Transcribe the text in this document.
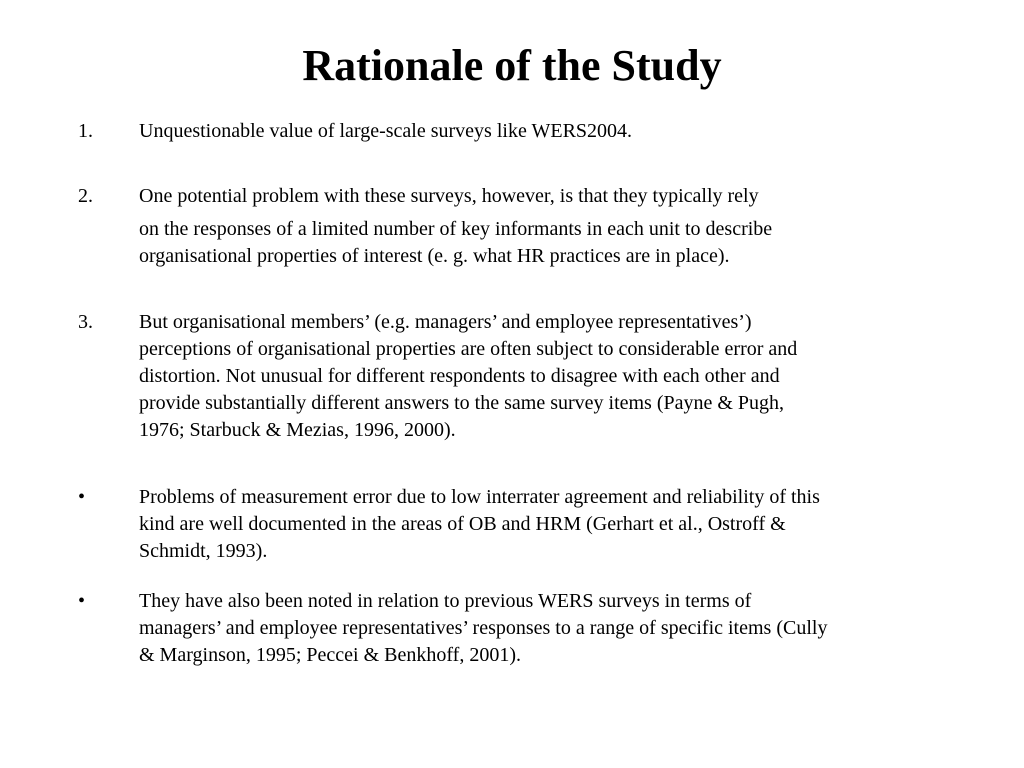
Rationale of the Study
1.	Unquestionable value of large-scale surveys like WERS2004.
2.	One potential problem with these surveys, however, is that they typically rely
on the responses of a limited number of key informants in each unit to describe
organisational properties of interest (e. g. what HR practices are in place).
3.	But organisational members’ (e.g. managers’ and employee representatives’)
perceptions of organisational properties are often subject to considerable error and
distortion. Not unusual for different respondents to disagree with each other and
provide substantially different answers to the same survey items (Payne & Pugh,
1976; Starbuck & Mezias, 1996, 2000).
•	Problems of measurement error due to low interrater agreement and reliability of this
kind are well documented in the areas of OB and HRM (Gerhart et al., Ostroff &
Schmidt, 1993).
•	They have also been noted in relation to previous WERS surveys in terms of
managers’ and employee representatives’ responses to a range of specific items (Cully
& Marginson, 1995; Peccei & Benkhoff, 2001).
